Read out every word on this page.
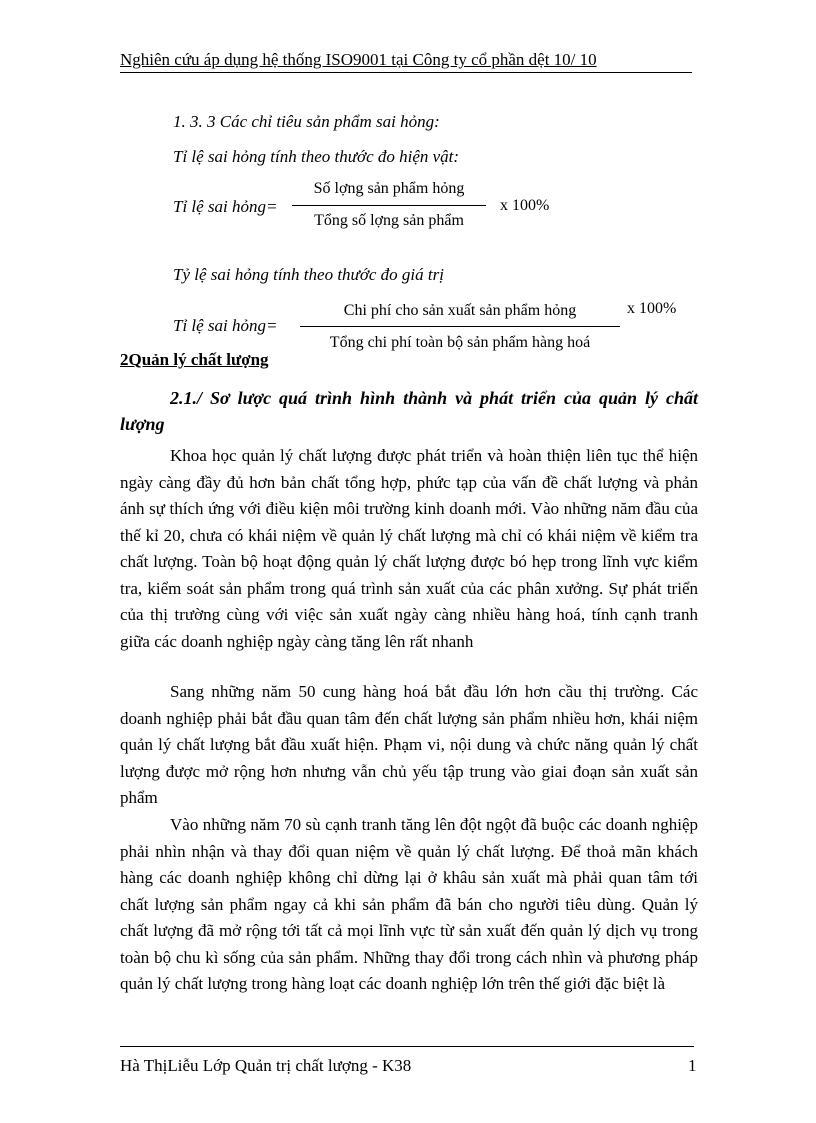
Nghiên cứu áp dụng hệ thống ISO9001 tại Công ty cổ phần dệt 10/ 10
1. 3. 3 Các chỉ tiêu sản phẩm sai hỏng:
Tỉ lệ sai hỏng tính theo thước đo hiện vật:
Tỉ lệ sai hỏng=
Số lợng sản phẩm hỏng
Tổng số lợng sản phẩm
x 100%
Tỷ lệ sai hỏng tính theo thước đo giá trị
Tỉ lệ sai hỏng=
Chi phí cho sản xuất sản phẩm hỏng
Tổng chi phí toàn bộ sản phẩm hàng hoá
x 100%
2Quản lý chất lượng
2.1./ Sơ lược quá trình hình thành và phát triển của quản lý chất lượng

Khoa học quản lý chất lượng được phát triển và hoàn thiện liên tục thể hiện ngày càng đầy đủ hơn bản chất tổng hợp, phức tạp của vấn đề chất lượng và phản ánh sự thích ứng với điều kiện môi trường kinh doanh mới. Vào những năm đầu của thế kỉ 20, chưa có khái niệm về quản lý chất lượng mà chỉ có khái niệm về kiểm tra chất lượng. Toàn bộ hoạt động quản lý chất lượng được bó hẹp trong lĩnh vực kiểm tra, kiểm soát sản phẩm trong quá trình sản xuất của các phân xưởng. Sự phát triển của thị trường cùng với việc sản xuất ngày càng nhiều hàng hoá, tính cạnh tranh giữa các doanh nghiệp ngày càng tăng lên rất nhanh

Sang những năm 50 cung hàng hoá bắt đầu lớn hơn cầu thị trường. Các doanh nghiệp phải bắt đầu quan tâm đến chất lượng sản phẩm nhiều hơn, khái niệm quản lý chất lượng bắt đầu xuất hiện. Phạm vi, nội dung và chức năng quản lý chất lượng được mở rộng hơn nhưng vẫn chủ yếu tập trung vào giai đoạn sản xuất sản phẩm

Vào những năm 70 sù cạnh tranh tăng lên đột ngột đã buộc các doanh nghiệp phải nhìn nhận và thay đổi quan niệm về quản lý chất lượng. Để thoả mãn khách hàng các doanh nghiệp không chỉ dừng lại ở khâu sản xuất mà phải quan tâm tới chất lượng sản phẩm ngay cả khi sản phẩm đã bán cho người tiêu dùng. Quản lý chất lượng đã mở rộng tới tất cả mọi lĩnh vực từ sản xuất đến quản lý dịch vụ trong toàn bộ chu kì sống của sản phẩm. Những thay đổi trong cách nhìn và phương pháp quản lý chất lượng trong hàng loạt các doanh nghiệp lớn trên thế giới đặc biệt là

Hà ThịLiễu Lớp Quản trị chất lượng - K38	1
